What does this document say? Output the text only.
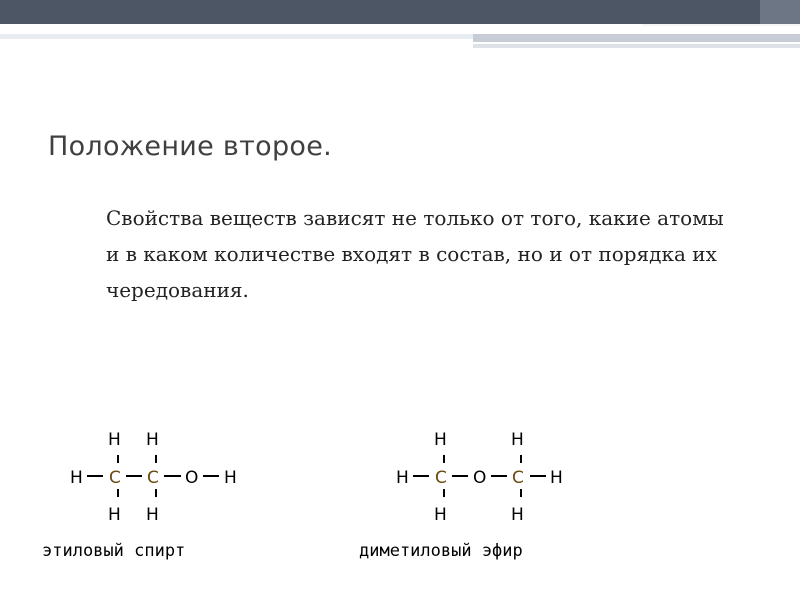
Положение второе.

Свойства веществ зависят не только от того, какие атомы и в каком количестве входят в состав, но и от порядка их чередования.

H H
H C C O H
H H
H	H
H C O C H
H	H
этиловый спирт	диметиловый эфир
